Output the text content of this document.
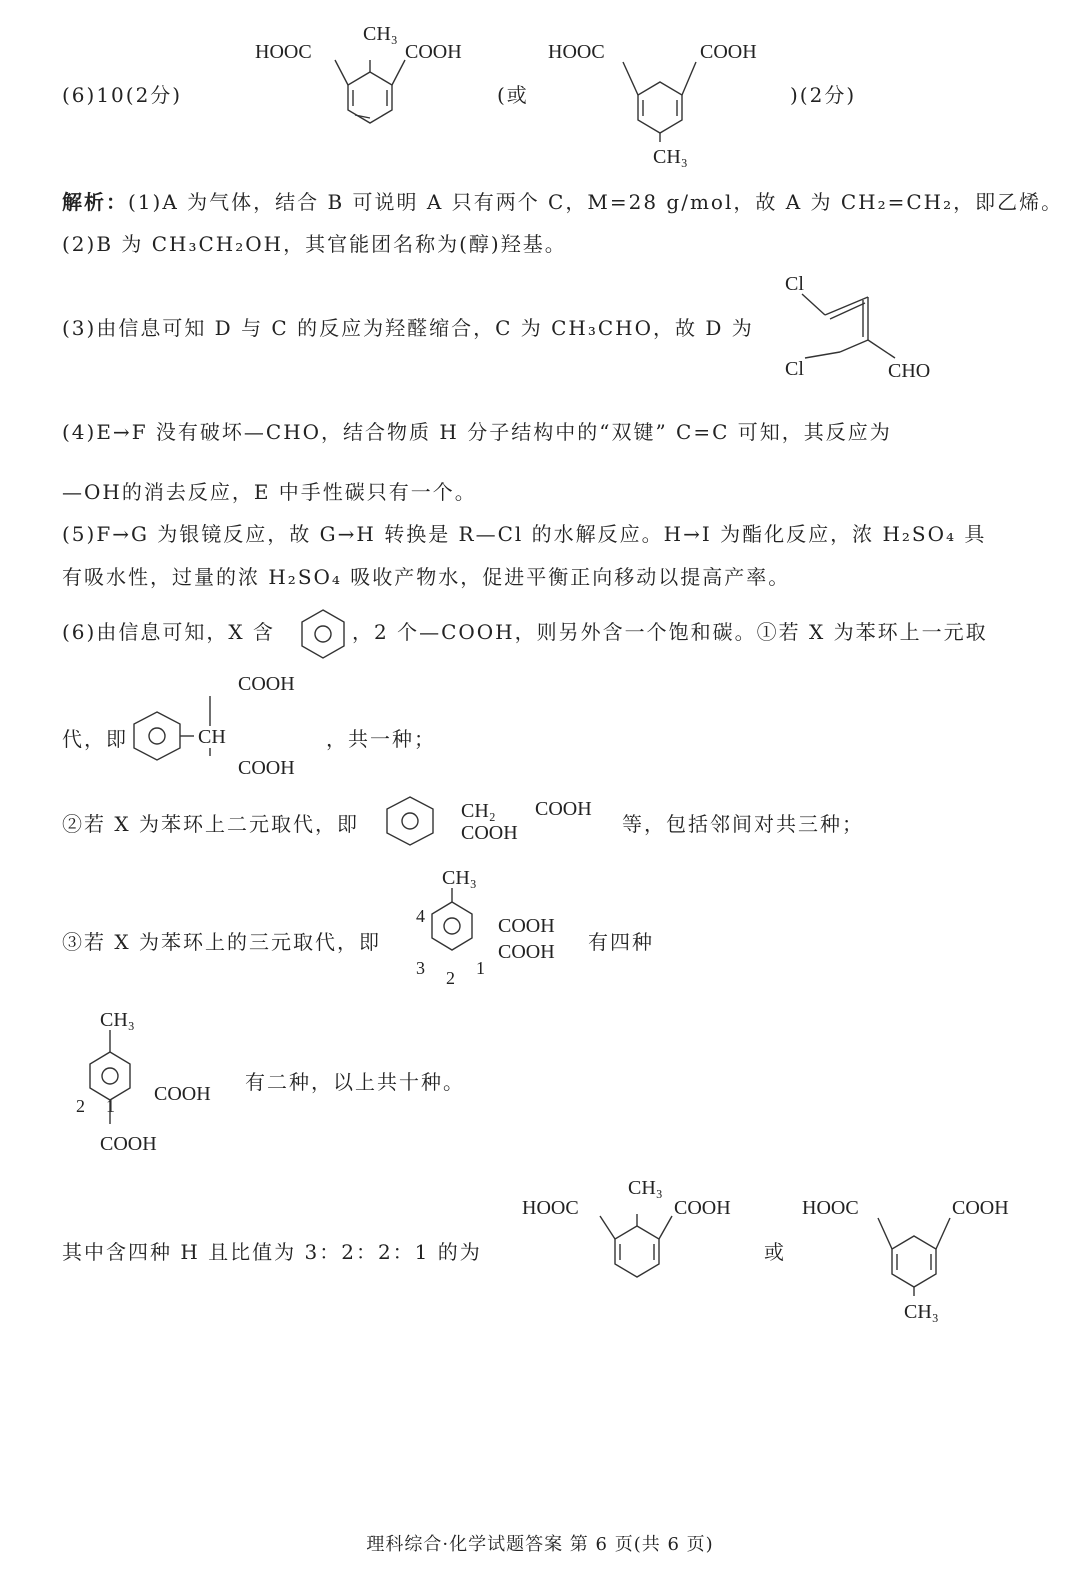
(6)10(2分)
HOOC
CH₃
COOH
(或
HOOC	COOH
CH₃
)(2分)
解析：(1)A 为气体，结合 B 可说明 A 只有两个 C，M=28 g/mol，故 A 为 CH₂=CH₂，即乙烯。
(2)B 为 CH₃CH₂OH，其官能团名称为(醇)羟基。
(3)由信息可知 D 与 C 的反应为羟醛缩合，C 为 CH₃CHO，故 D 为
Cl
Cl	CHO
(4)E→F 没有破坏—CHO，结合物质 H 分子结构中的“双键” C=C 可知，其反应为
—OH的消去反应，E 中手性碳只有一个。
(5)F→G 为银镜反应，故 G→H 转换是 R—Cl 的水解反应。H→I 为酯化反应，浓 H₂SO₄ 具
有吸水性，过量的浓 H₂SO₄ 吸收产物水，促进平衡正向移动以提高产率。
(6)由信息可知，X 含	，2 个—COOH，则另外含一个饱和碳。①若 X 为苯环上一元取
代，即	CH
COOH
COOH
，共一种；
②若 X 为苯环上二元取代，即
CH₂ COOH
COOH	等，包括邻间对共三种；
③若 X 为苯环上的三元取代，即
CH₃
4
3 2 1
COOH
COOH 有四种
CH₃
2 1
COOH
COOH 有二种，以上共十种。
其中含四种 H 且比值为 3：2：2：1 的为
HOOC
CH₃
COOH
或
HOOC	COOH
CH₃
理科综合·化学试题答案 第 6 页(共 6 页)
